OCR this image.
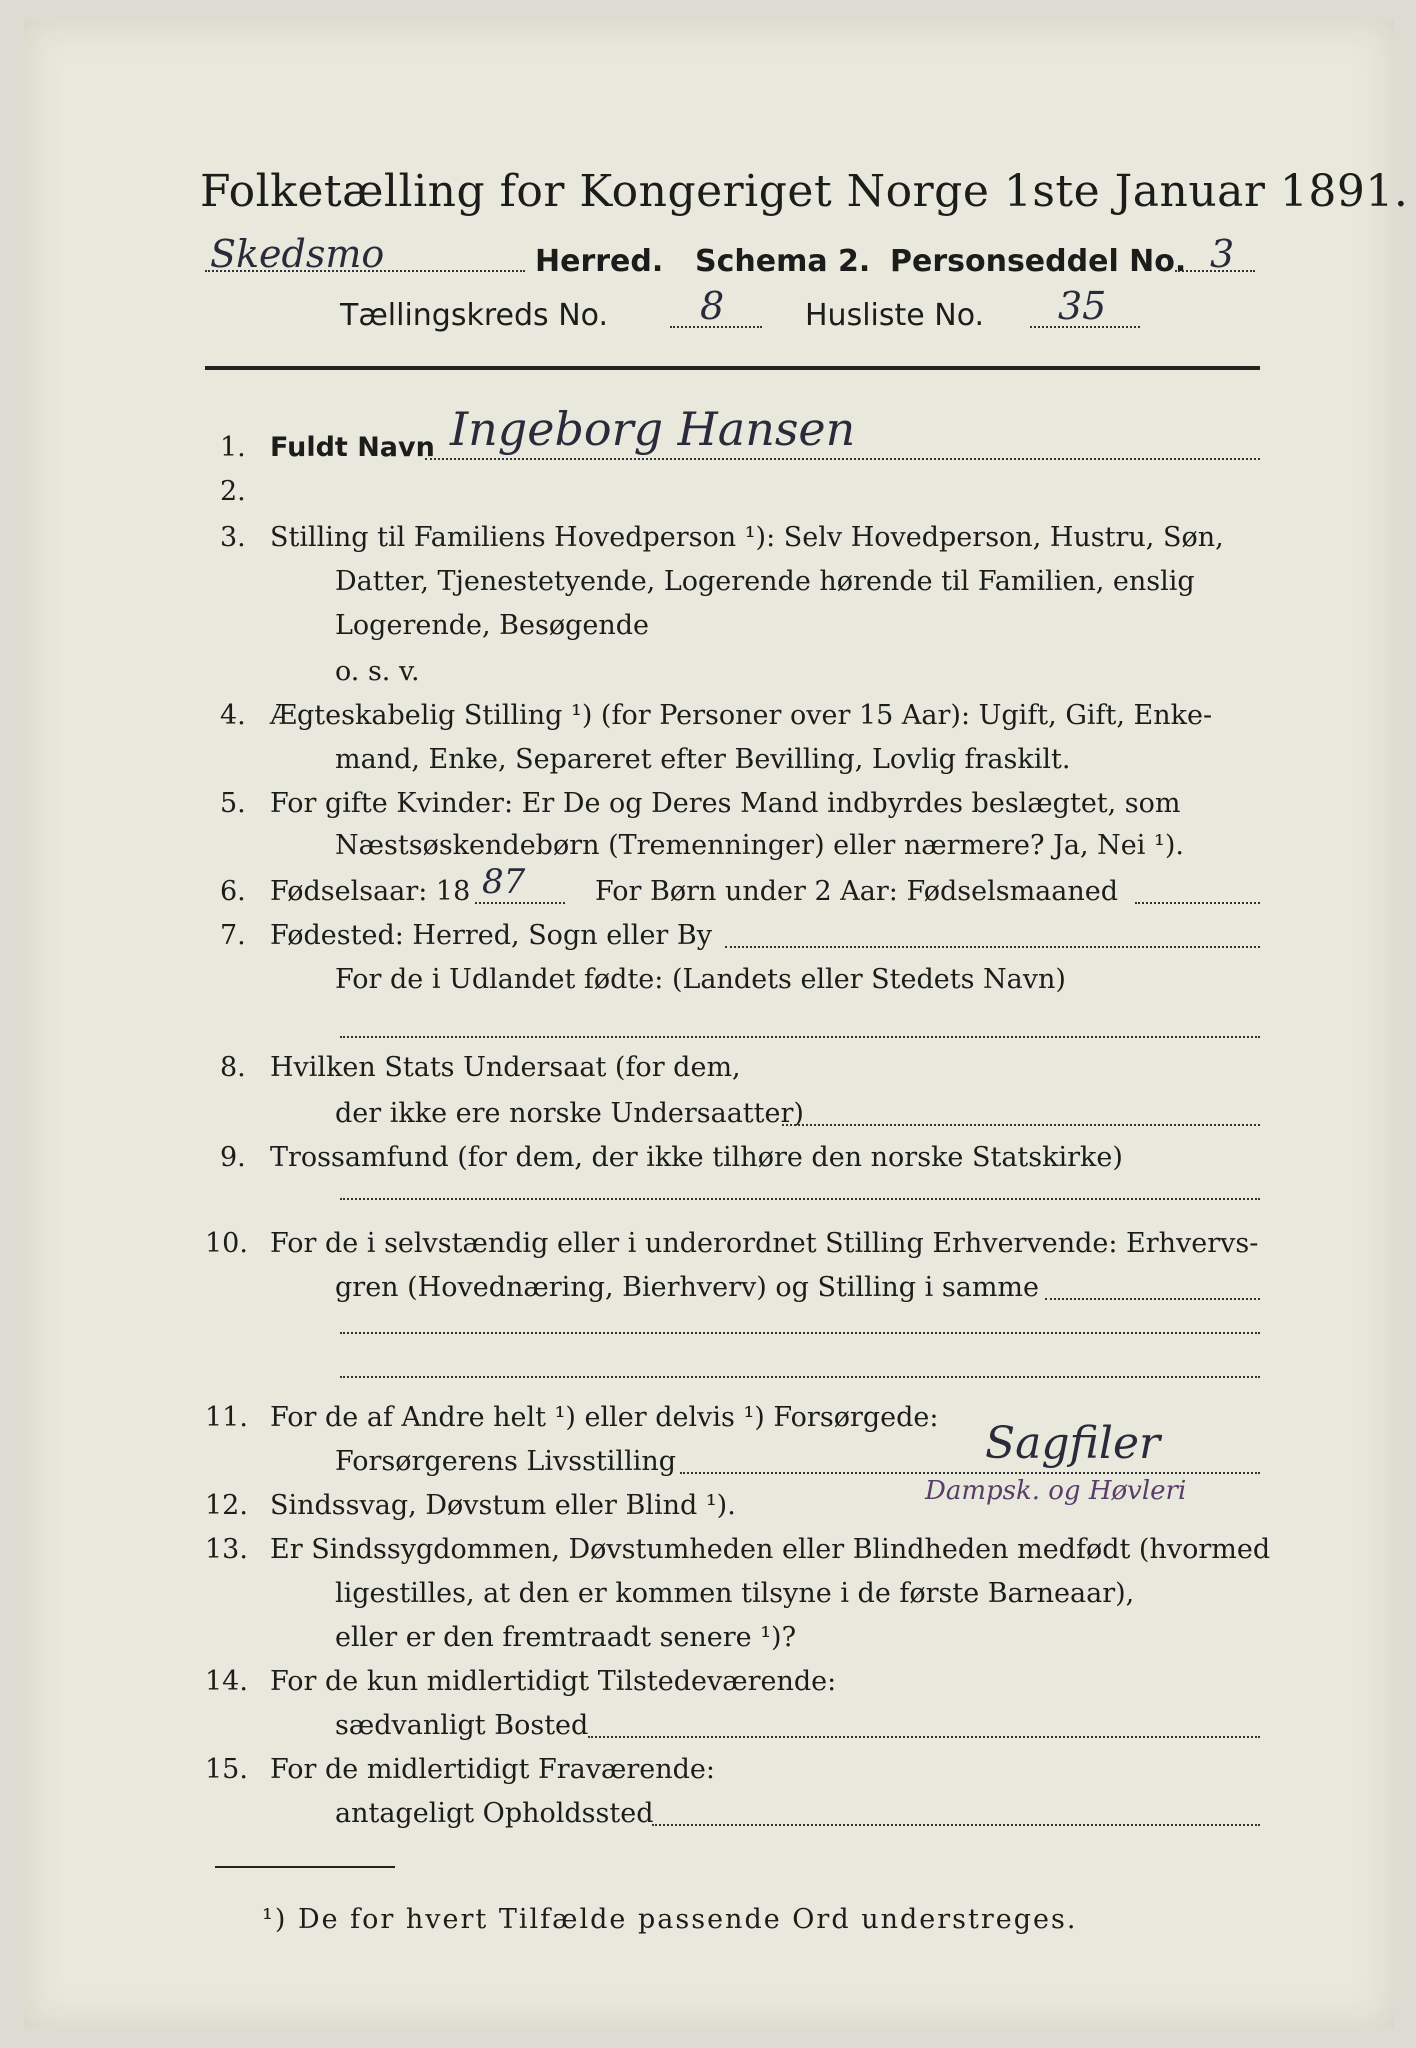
Folketælling for Kongeriget Norge 1ste Januar 1891.
Skedsmo	Herred. Schema 2. Personseddel No. 3
Tællingskreds No. 8	Husliste No. 35
1. Fuldt Navn Ingeborg Hansen
2.
3. Stilling til Familiens Hovedperson ¹): Selv Hovedperson, Hustru, Søn,
Datter, Tjenestetyende, Logerende hørende til Familien, enslig
Logerende, Besøgende
o. s. v.
4. Ægteskabelig Stilling ¹) (for Personer over 15 Aar): Ugift, Gift, Enke-
mand, Enke, Separeret efter Bevilling, Lovlig fraskilt.
5. For gifte Kvinder: Er De og Deres Mand indbyrdes beslægtet, som
Næstsøskendebørn (Tremenninger) eller nærmere? Ja, Nei ¹).
6. Fødselsaar: 18 87	For Børn under 2 Aar: Fødselsmaaned
7. Fødested: Herred, Sogn eller By
For de i Udlandet fødte: (Landets eller Stedets Navn)
8. Hvilken Stats Undersaat (for dem,
der ikke ere norske Undersaatter)
9. Trossamfund (for dem, der ikke tilhøre den norske Statskirke)
10. For de i selvstændig eller i underordnet Stilling Erhvervende: Erhvervs-
gren (Hovednæring, Bierhverv) og Stilling i samme
11. For de af Andre helt ¹) eller delvis ¹) Forsørgede:
Forsørgerens Livsstilling	Sagfiler
12. Sindssvag, Døvstum eller Blind ¹).	Dampsk. og Høvleri
13. Er Sindssygdommen, Døvstumheden eller Blindheden medfødt (hvormed
ligestilles, at den er kommen tilsyne i de første Barneaar),
eller er den fremtraadt senere ¹)?
14. For de kun midlertidigt Tilstedeværende:
sædvanligt Bosted
15. For de midlertidigt Fraværende:
antageligt Opholdssted
¹) De for hvert Tilfælde passende Ord understreges.
